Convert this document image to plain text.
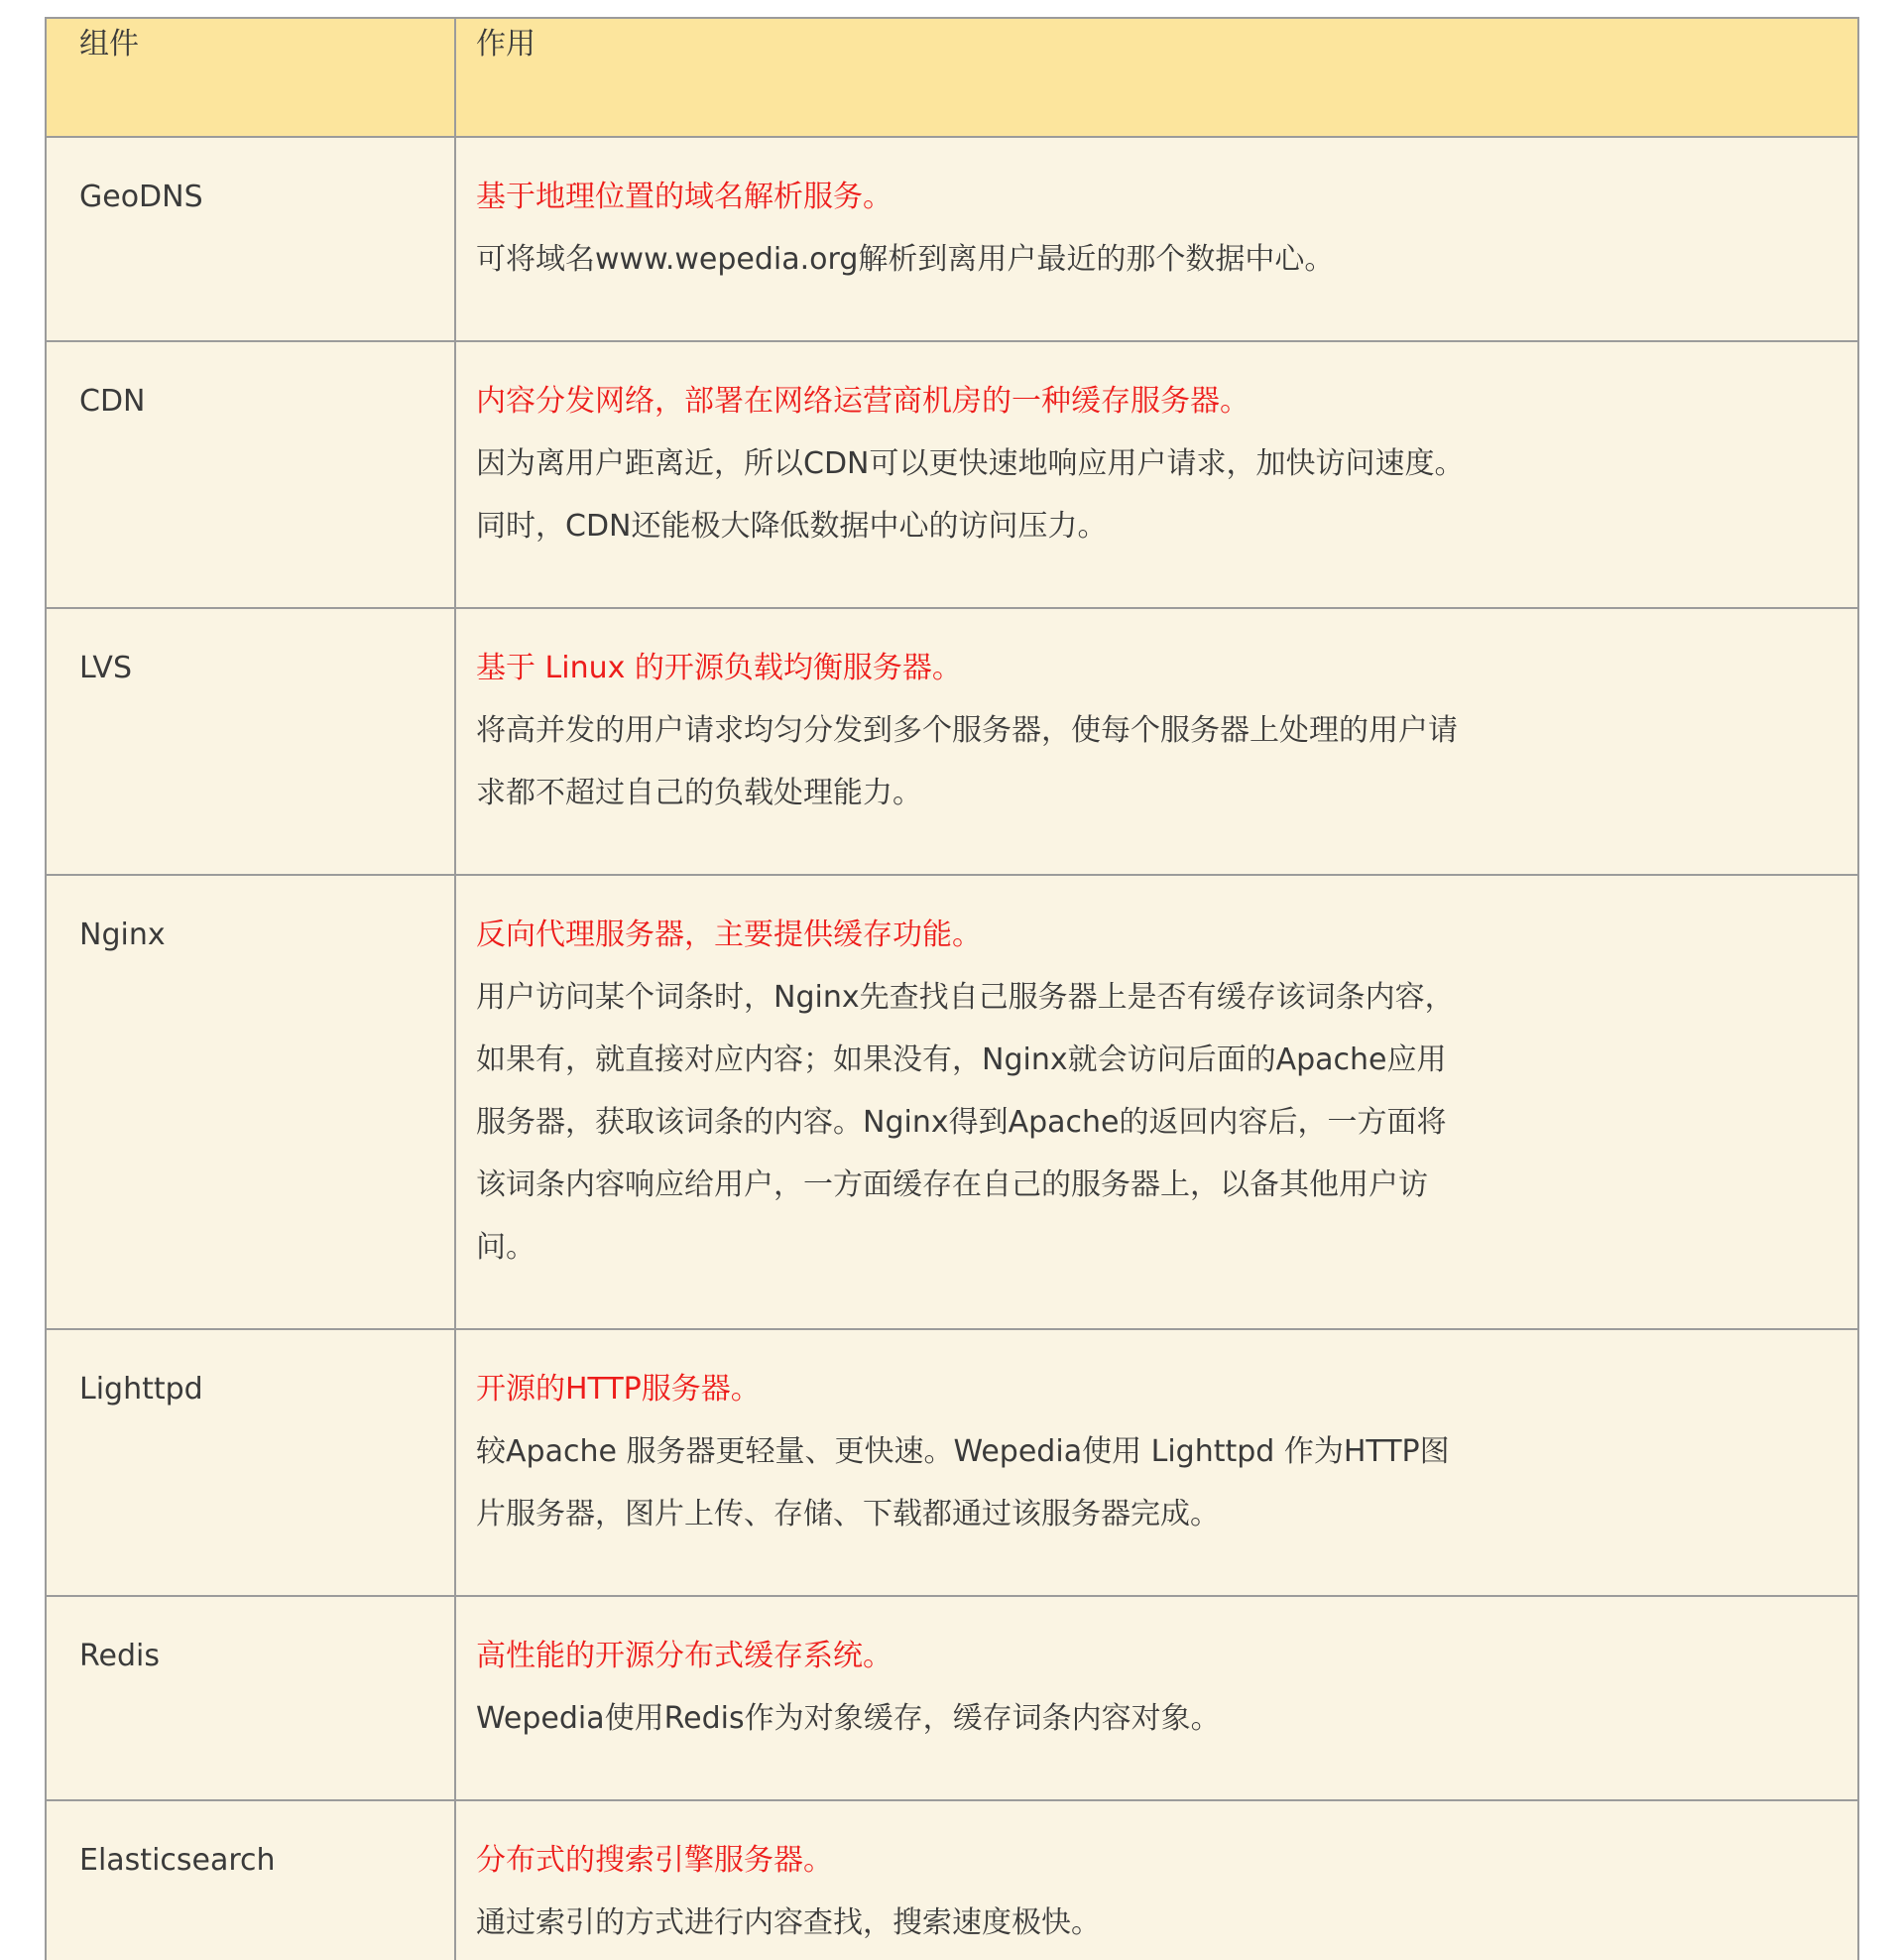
组件	作用
GeoDNS	基于地理位置的域名解析服务。
可将域名www.wepedia.org解析到离用户最近的那个数据中心。

CDN	内容分发网络，部署在网络运营商机房的一种缓存服务器。
因为离用户距离近，所以CDN可以更快速地响应用户请求，加快访问速度。同时，CDN还能极大降低数据中心的访问压力。

LVS	基于 Linux 的开源负载均衡服务器。
将高并发的用户请求均匀分发到多个服务器，使每个服务器上处理的用户请求都不超过自己的负载处理能力。

Nginx	反向代理服务器，主要提供缓存功能。
用户访问某个词条时，Nginx先查找自己服务器上是否有缓存该词条内容，如果有，就直接对应内容；如果没有，Nginx就会访问后面的Apache应用服务器，获取该词条的内容。Nginx得到Apache的返回内容后，一方面将该词条内容响应给用户，一方面缓存在自己的服务器上，以备其他用户访问。

Lighttpd	开源的HTTP服务器。
较Apache 服务器更轻量、更快速。Wepedia使用 Lighttpd 作为HTTP图片服务器，图片上传、存储、下载都通过该服务器完成。

Redis	高性能的开源分布式缓存系统。
Wepedia使用Redis作为对象缓存，缓存词条内容对象。

Elasticsearch	分布式的搜索引擎服务器。
通过索引的方式进行内容查找，搜索速度极快。
